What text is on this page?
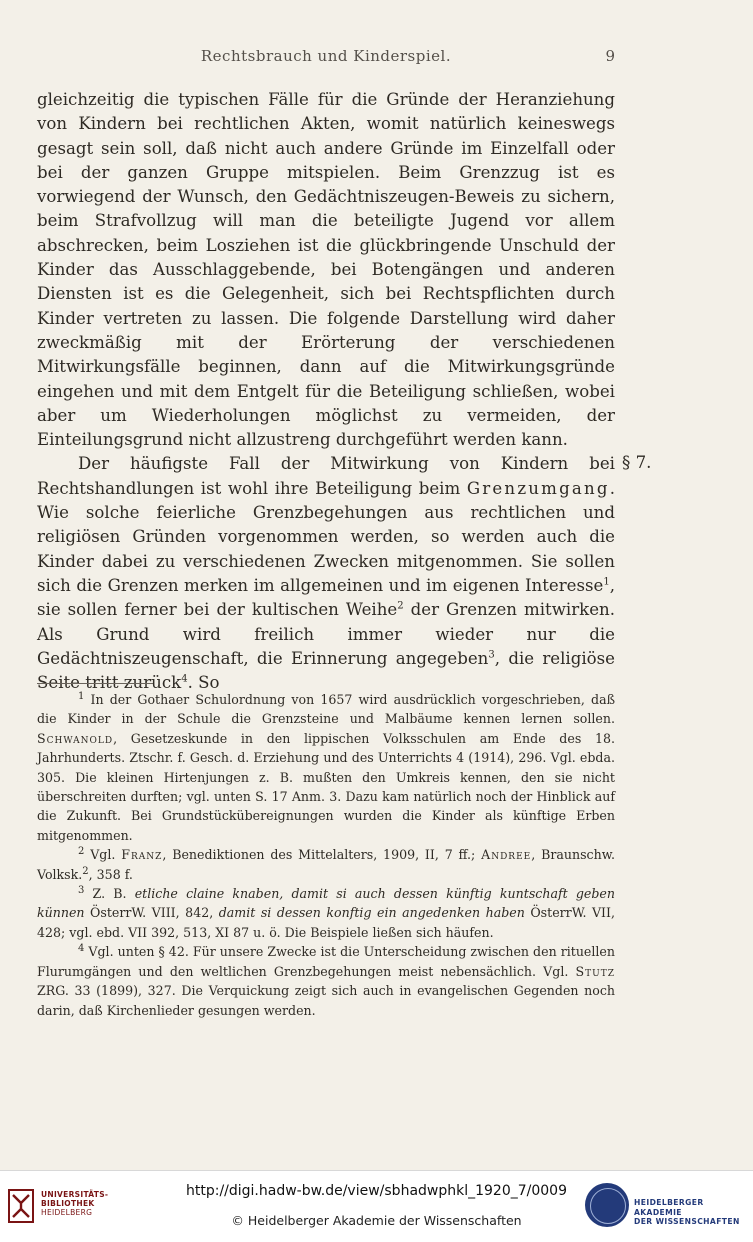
Rechtsbrauch und Kinderspiel.	9

gleichzeitig die typischen Fälle für die Gründe der Heranziehung von Kindern bei rechtlichen Akten, womit natürlich keineswegs gesagt sein soll, daß nicht auch andere Gründe im Einzelfall oder bei der ganzen Gruppe mitspielen. Beim Grenzzug ist es vorwiegend der Wunsch, den Gedächtniszeugen-Beweis zu sichern, beim Strafvollzug will man die beteiligte Jugend vor allem abschrecken, beim Losziehen ist die glückbringende Unschuld der Kinder das Ausschlaggebende, bei Botengängen und anderen Diensten ist es die Gelegenheit, sich bei Rechtspflichten durch Kinder vertreten zu lassen. Die folgende Darstellung wird daher zweckmäßig mit der Erörterung der verschiedenen Mitwirkungsfälle beginnen, dann auf die Mitwirkungsgründe eingehen und mit dem Entgelt für die Beteiligung schließen, wobei aber um Wiederholungen möglichst zu vermeiden, der Einteilungsgrund nicht allzustreng durchgeführt werden kann.

Der häufigste Fall der Mitwirkung von Kindern bei Rechtshandlungen ist wohl ihre Beteiligung beim Grenzumgang. Wie solche feierliche Grenzbegehungen aus rechtlichen und religiösen Gründen vorgenommen werden, so werden auch die Kinder dabei zu verschiedenen Zwecken mitgenommen. Sie sollen sich die Grenzen merken im allgemeinen und im eigenen Interesse$^1$, sie sollen ferner bei der kultischen Weihe$^2$ der Grenzen mitwirken. Als Grund wird freilich immer wieder nur die Gedächtniszeugenschaft, die Erinnerung angegeben$^3$, die religiöse Seite tritt zurück$^4$. So

§ 7.

$^1$ In der Gothaer Schulordnung von 1657 wird ausdrücklich vorgeschrieben, daß die Kinder in der Schule die Grenzsteine und Malbäume kennen lernen sollen. Schwanold, Gesetzeskunde in den lippischen Volksschulen am Ende des 18. Jahrhunderts. Ztschr. f. Gesch. d. Erziehung und des Unterrichts 4 (1914), 296. Vgl. ebda. 305. Die kleinen Hirtenjungen z. B. mußten den Umkreis kennen, den sie nicht überschreiten durften; vgl. unten S. 17 Anm. 3. Dazu kam natürlich noch der Hinblick auf die Zukunft. Bei Grundstückübereignungen wurden die Kinder als künftige Erben mitgenommen.

$^2$ Vgl. Franz, Benediktionen des Mittelalters, 1909, II, 7 ff.; Andree, Braunschw. Volksk.$^2$, 358 f.

$^3$ Z. B. etliche claine knaben, damit si auch dessen künftig kuntschaft geben künnen ÖsterrW. VIII, 842, damit si dessen konftig ein angedenken haben ÖsterrW. VII, 428; vgl. ebd. VII 392, 513, XI 87 u. ö. Die Beispiele ließen sich häufen.

$^4$ Vgl. unten § 42. Für unsere Zwecke ist die Unterscheidung zwischen den rituellen Flurumgängen und den weltlichen Grenzbegehungen meist nebensächlich. Vgl. Stutz ZRG. 33 (1899), 327. Die Verquickung zeigt sich auch in evangelischen Gegenden noch darin, daß Kirchenlieder gesungen werden.

UNIVERSITÄTS-
BIBLIOTHEK
HEIDELBERG
http://digi.hadw-bw.de/view/sbhadwphkl_1920_7/0009
© Heidelberger Akademie der Wissenschaften
HEIDELBERGER AKADEMIE
DER WISSENSCHAFTEN
